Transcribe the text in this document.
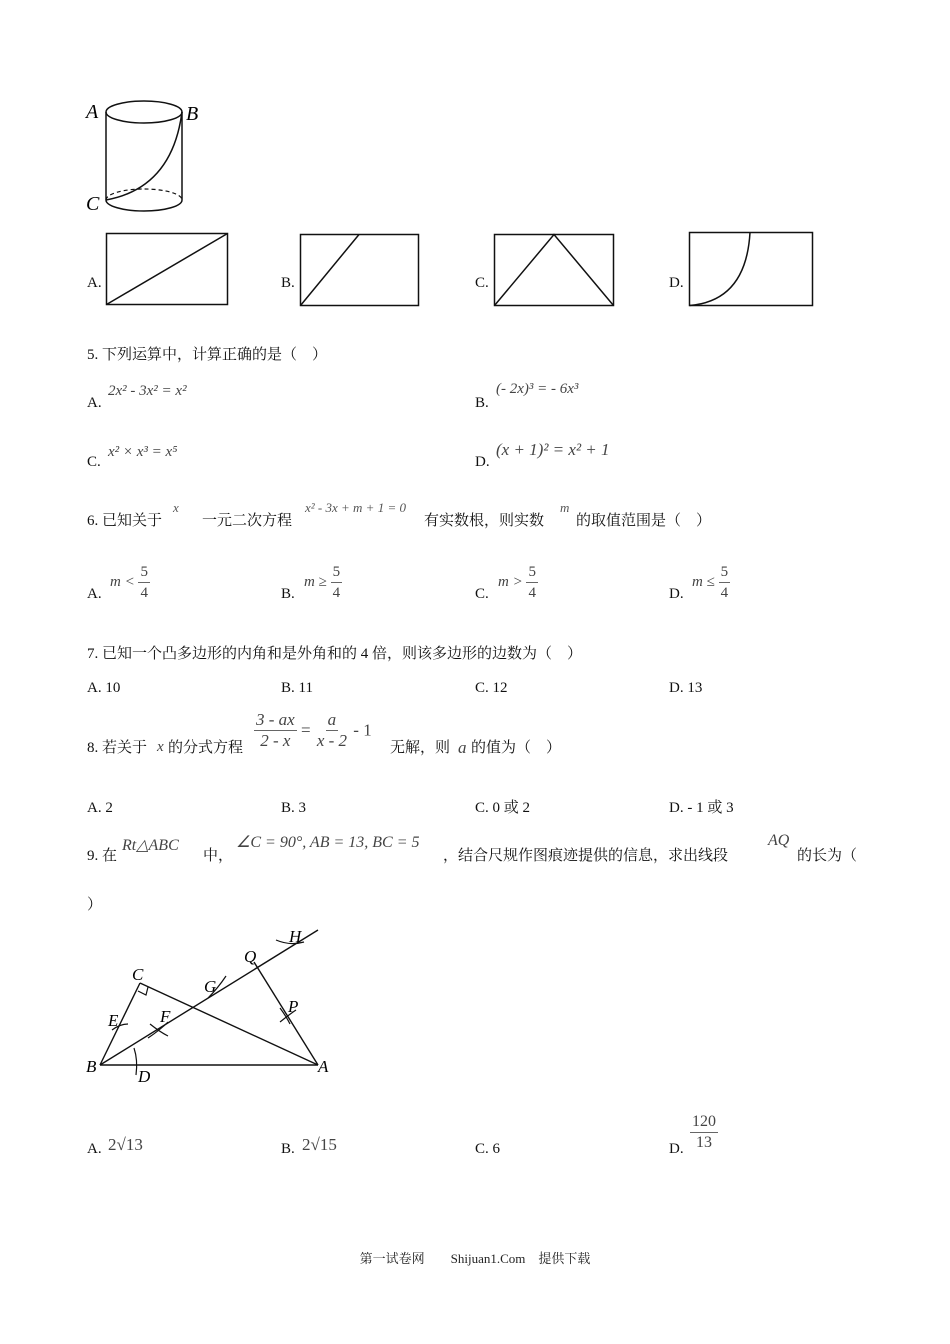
A	B
C
A.	B.	C.	D.
5. 下列运算中，计算正确的是（　）
A.
2x² - 3x² = x²
B.
(- 2x)³ = - 6x³
C.
x² × x³ = x⁵
D.
(x + 1)² = x² + 1
6. 已知关于
x
一元二次方程
x² - 3x + m + 1 = 0
有实数根，则实数
m
的取值范围是（　）
A.
$m < \frac{5}{4}$	B.
$m \ge \frac{5}{4}$	C.
$m > \frac{5}{4}$	D.
$m \le \frac{5}{4}$
7. 已知一个凸多边形的内角和是外角和的 4 倍，则该多边形的边数为（　）
A. 10	B. 11	C. 12	D. 13
8. 若关于 x 的分式方程 $\frac{3 - ax}{2 - x} = \frac{a}{x - 2} - 1$
无解，则 a 的值为（　）
A. 2	B. 3	C. 0 或 2	D. - 1 或 3
9. 在
Rt△ABC
中，
∠C = 90°, AB = 13, BC = 5
，结合尺规作图痕迹提供的信息，求出线段
AQ
的长为（
）
H
Q
C
G
P
E F
B
D
A
A. 2√13	B. 2√15	C. 6	D. $\frac{120}{13}$
第一试卷网　　Shijuan1.Com　提供下载
